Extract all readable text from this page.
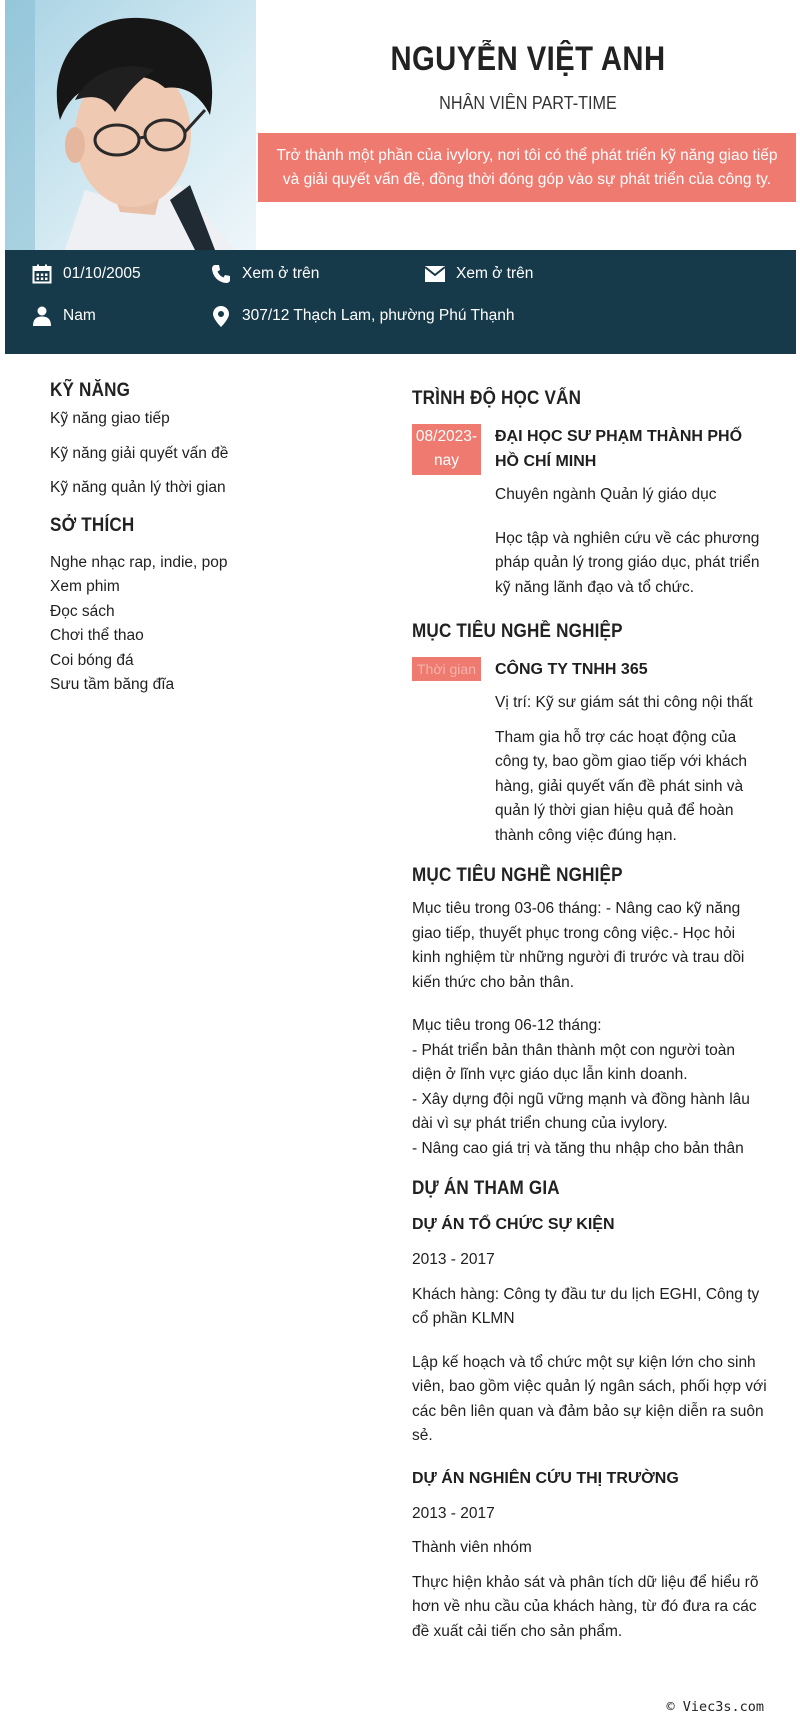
NGUYỄN VIỆT ANH
NHÂN VIÊN PART-TIME
Trở thành một phần của ivylory, nơi tôi có thể phát triển kỹ năng giao tiếp và giải quyết vấn đề, đồng thời đóng góp vào sự phát triển của công ty.
01/10/2005	Xem ở trên	Xem ở trên
Nam	307/12 Thạch Lam, phường Phú Thạnh
KỸ NĂNG
Kỹ năng giao tiếp
Kỹ năng giải quyết vấn đề
Kỹ năng quản lý thời gian
SỞ THÍCH
Nghe nhạc rap, indie, pop
Xem phim
Đọc sách
Chơi thể thao
Coi bóng đá
Sưu tầm băng đĩa
TRÌNH ĐỘ HỌC VẤN
08/2023-nay
ĐẠI HỌC SƯ PHẠM THÀNH PHỐ HỒ CHÍ MINH
Chuyên ngành Quản lý giáo dục
Học tập và nghiên cứu về các phương pháp quản lý trong giáo dục, phát triển kỹ năng lãnh đạo và tổ chức.
MỤC TIÊU NGHỀ NGHIỆP
Thời gian	CÔNG TY TNHH 365
Vị trí: Kỹ sư giám sát thi công nội thất
Tham gia hỗ trợ các hoạt động của công ty, bao gồm giao tiếp với khách hàng, giải quyết vấn đề phát sinh và quản lý thời gian hiệu quả để hoàn thành công việc đúng hạn.
MỤC TIÊU NGHỀ NGHIỆP
Mục tiêu trong 03-06 tháng: - Nâng cao kỹ năng giao tiếp, thuyết phục trong công việc.- Học hỏi kinh nghiệm từ những người đi trước và trau dồi kiến thức cho bản thân.
Mục tiêu trong 06-12 tháng:
- Phát triển bản thân thành một con người toàn diện ở lĩnh vực giáo dục lẫn kinh doanh.
- Xây dựng đội ngũ vững mạnh và đồng hành lâu dài vì sự phát triển chung của ivylory.
- Nâng cao giá trị và tăng thu nhập cho bản thân
DỰ ÁN THAM GIA
DỰ ÁN TỔ CHỨC SỰ KIỆN
2013 - 2017
Khách hàng: Công ty đầu tư du lịch EGHI, Công ty cổ phần KLMN
Lập kế hoạch và tổ chức một sự kiện lớn cho sinh viên, bao gồm việc quản lý ngân sách, phối hợp với các bên liên quan và đảm bảo sự kiện diễn ra suôn sẻ.
DỰ ÁN NGHIÊN CỨU THỊ TRƯỜNG
2013 - 2017
Thành viên nhóm
Thực hiện khảo sát và phân tích dữ liệu để hiểu rõ hơn về nhu cầu của khách hàng, từ đó đưa ra các đề xuất cải tiến cho sản phẩm.
© Viec3s.com
